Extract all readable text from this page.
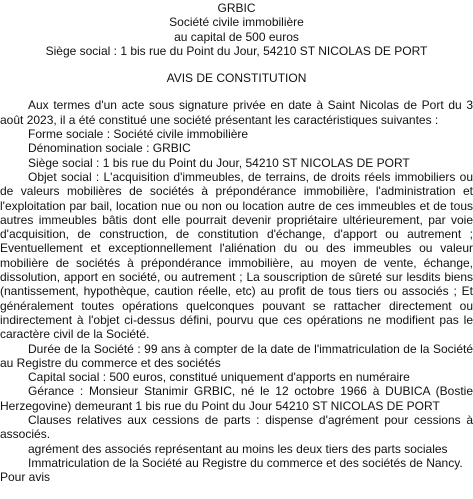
GRBIC

Société civile immobilière

au capital de 500 euros

Siège social : 1 bis rue du Point du Jour, 54210 ST NICOLAS DE PORT

AVIS DE CONSTITUTION

Aux termes d'un acte sous signature privée en date à Saint Nicolas de Port du 3 août 2023, il a été constitué une société présentant les caractéristiques suivantes :

Forme sociale : Société civile immobilière

Dénomination sociale : GRBIC

Siège social : 1 bis rue du Point du Jour, 54210 ST NICOLAS DE PORT

Objet social : L'acquisition d'immeubles, de terrains, de droits réels immobiliers ou de valeurs mobilières de sociétés à prépondérance immobilière, l'administration et l'exploitation par bail, location nue ou non ou location autre de ces immeubles et de tous autres immeubles bâtis dont elle pourrait devenir propriétaire ultérieurement, par voie d'acquisition, de construction, de constitution d'échange, d'apport ou autrement ; Eventuellement et exceptionnellement l'aliénation du ou des immeubles ou valeur mobilière de sociétés à prépondérance immobilière, au moyen de vente, échange, dissolution, apport en société, ou autrement ; La souscription de sûreté sur lesdits biens (nantissement, hypothèque, caution réelle, etc) au profit de tous tiers ou associés ; Et généralement toutes opérations quelconques pouvant se rattacher directement ou indirectement à l'objet ci-dessus défini, pourvu que ces opérations ne modifient pas le caractère civil de la Société.

Durée de la Société : 99 ans à compter de la date de l'immatriculation de la Société au Registre du commerce et des sociétés

Capital social : 500 euros, constitué uniquement d'apports en numéraire

Gérance : Monsieur Stanimir GRBIC, né le 12 octobre 1966 à DUBICA (Bostie Herzegovine) demeurant 1 bis rue du Point du Jour 54210 ST NICOLAS DE PORT

Clauses relatives aux cessions de parts : dispense d'agrément pour cessions à associés.

agrément des associés représentant au moins les deux tiers des parts sociales

Immatriculation de la Société au Registre du commerce et des sociétés de Nancy.

Pour avis
